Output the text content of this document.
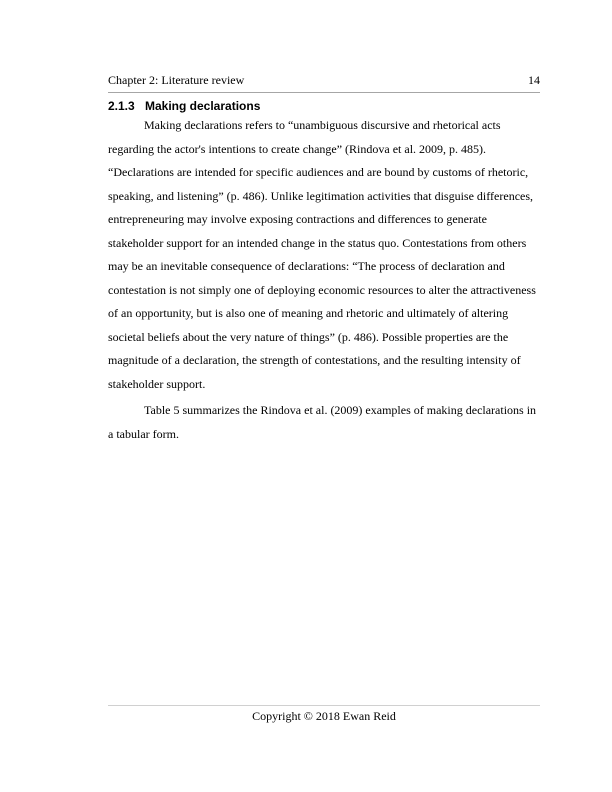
Chapter 2: Literature review	14
2.1.3 Making declarations
Making declarations refers to “unambiguous discursive and rhetorical acts
regarding the actor's intentions to create change” (Rindova et al. 2009, p. 485).
“Declarations are intended for specific audiences and are bound by customs of rhetoric,
speaking, and listening” (p. 486). Unlike legitimation activities that disguise differences,
entrepreneuring may involve exposing contractions and differences to generate
stakeholder support for an intended change in the status quo. Contestations from others
may be an inevitable consequence of declarations: “The process of declaration and
contestation is not simply one of deploying economic resources to alter the attractiveness
of an opportunity, but is also one of meaning and rhetoric and ultimately of altering
societal beliefs about the very nature of things” (p. 486). Possible properties are the
magnitude of a declaration, the strength of contestations, and the resulting intensity of
stakeholder support.
Table 5 summarizes the Rindova et al. (2009) examples of making declarations in
a tabular form.
Copyright © 2018 Ewan Reid
